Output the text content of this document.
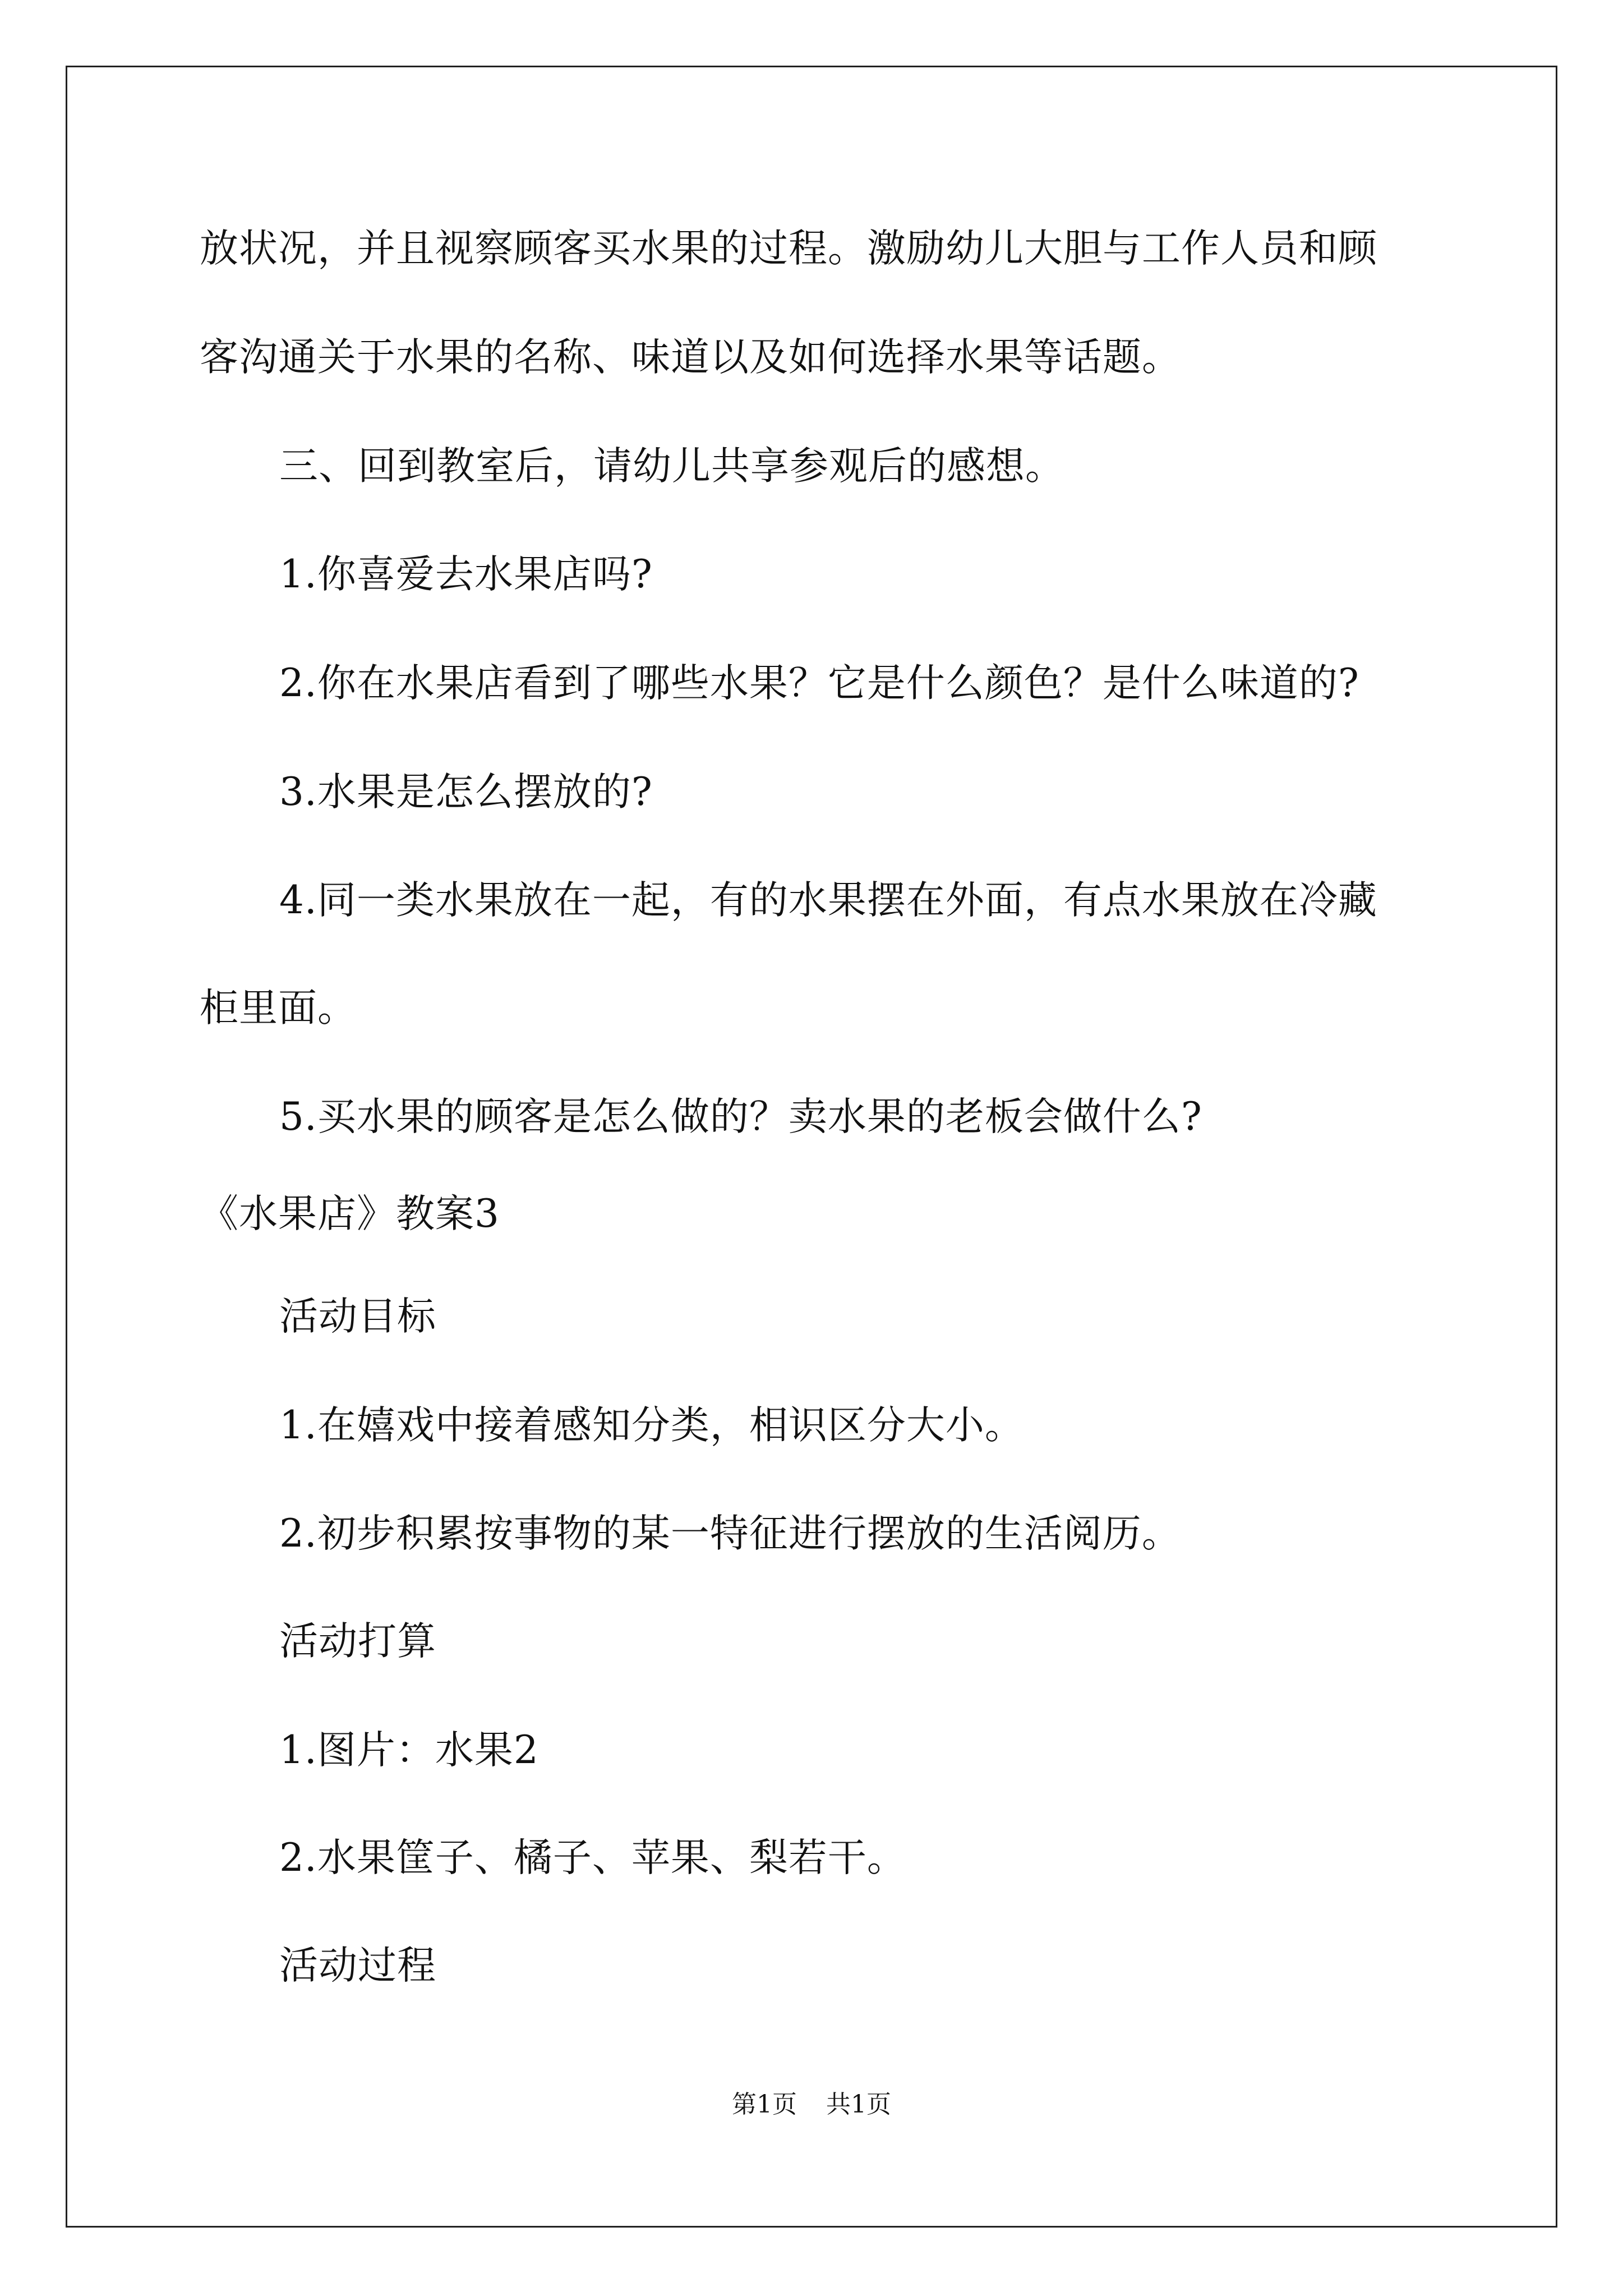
放状况，并且视察顾客买水果的过程。激励幼儿大胆与工作人员和顾
客沟通关于水果的名称、味道以及如何选择水果等话题。
三、回到教室后，请幼儿共享参观后的感想。
1.你喜爱去水果店吗?
2.你在水果店看到了哪些水果？它是什么颜色？是什么味道的?
3.水果是怎么摆放的?
4.同一类水果放在一起，有的水果摆在外面，有点水果放在冷藏
柜里面。
5.买水果的顾客是怎么做的？卖水果的老板会做什么?
《水果店》教案3
活动目标
1.在嬉戏中接着感知分类，相识区分大小。
2.初步积累按事物的某一特征进行摆放的生活阅历。
活动打算
1.图片：水果2
2.水果筐子、橘子、苹果、梨若干。
活动过程
第1页 共1页
